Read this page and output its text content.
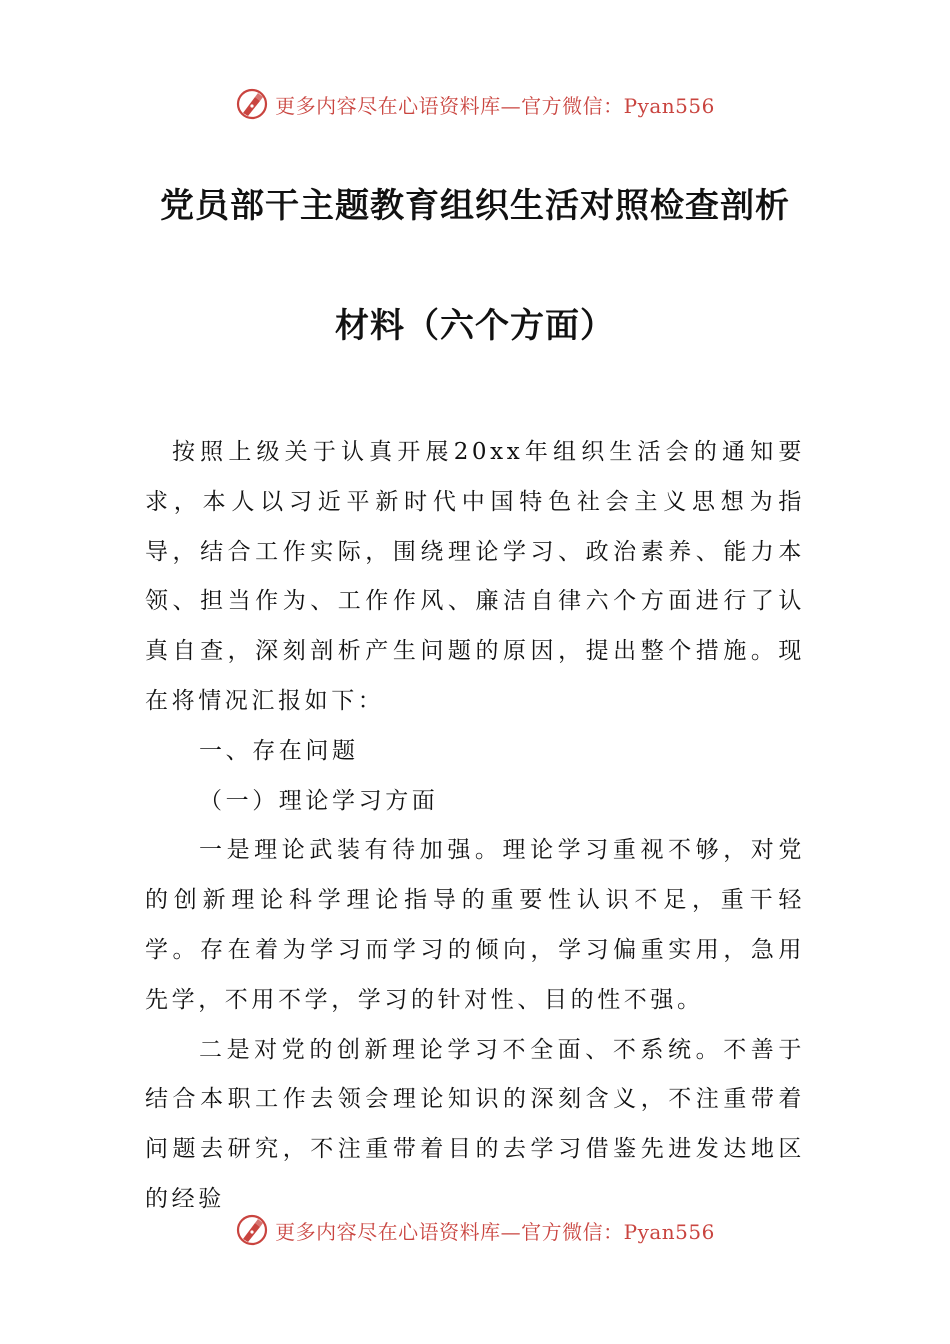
更多内容尽在心语资料库—官方微信：Pyan556
党员部干主题教育组织生活对照检查剖析
材料（六个方面）

按照上级关于认真开展20xx年组织生活会的通知要求，本人以习近平新时代中国特色社会主义思想为指导，结合工作实际，围绕理论学习、政治素养、能力本领、担当作为、工作作风、廉洁自律六个方面进行了认真自查，深刻剖析产生问题的原因，提出整个措施。现在将情况汇报如下：

一、存在问题

（一）理论学习方面

一是理论武装有待加强。理论学习重视不够，对党的创新理论科学理论指导的重要性认识不足，重干轻学。存在着为学习而学习的倾向，学习偏重实用，急用先学，不用不学，学习的针对性、目的性不强。

二是对党的创新理论学习不全面、不系统。不善于结合本职工作去领会理论知识的深刻含义，不注重带着问题去研究，不注重带着目的去学习借鉴先进发达地区的经验

更多内容尽在心语资料库—官方微信：Pyan556
